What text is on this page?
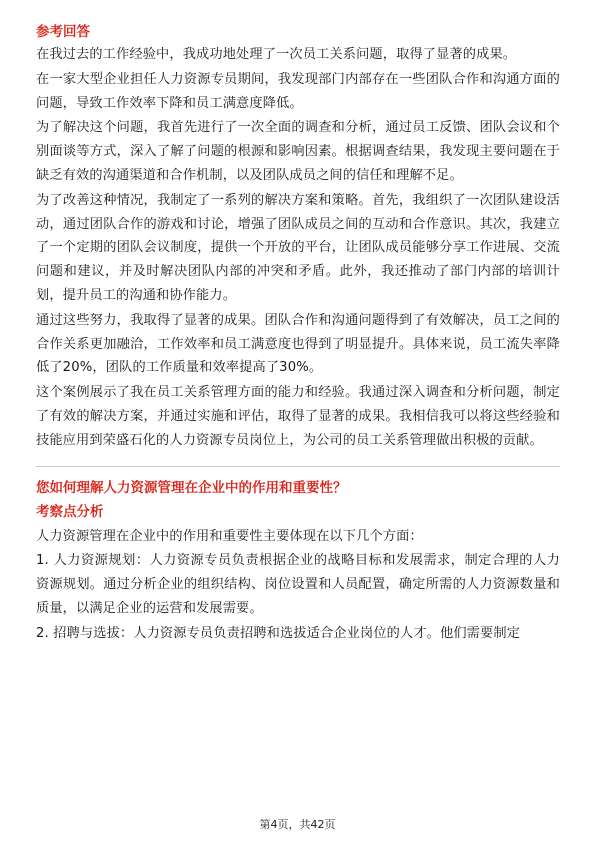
参考回答

在我过去的工作经验中，我成功地处理了一次员工关系问题，取得了显著的成果。

在一家大型企业担任人力资源专员期间，我发现部门内部存在一些团队合作和沟通方面的问题，导致工作效率下降和员工满意度降低。

为了解决这个问题，我首先进行了一次全面的调查和分析，通过员工反馈、团队会议和个别面谈等方式，深入了解了问题的根源和影响因素。根据调查结果，我发现主要问题在于缺乏有效的沟通渠道和合作机制，以及团队成员之间的信任和理解不足。

为了改善这种情况，我制定了一系列的解决方案和策略。首先，我组织了一次团队建设活动，通过团队合作的游戏和讨论，增强了团队成员之间的互动和合作意识。其次，我建立了一个定期的团队会议制度，提供一个开放的平台，让团队成员能够分享工作进展、交流问题和建议，并及时解决团队内部的冲突和矛盾。此外，我还推动了部门内部的培训计划，提升员工的沟通和协作能力。

通过这些努力，我取得了显著的成果。团队合作和沟通问题得到了有效解决，员工之间的合作关系更加融洽，工作效率和员工满意度也得到了明显提升。具体来说，员工流失率降低了20%，团队的工作质量和效率提高了30%。

这个案例展示了我在员工关系管理方面的能力和经验。我通过深入调查和分析问题，制定了有效的解决方案，并通过实施和评估，取得了显著的成果。我相信我可以将这些经验和技能应用到荣盛石化的人力资源专员岗位上，为公司的员工关系管理做出积极的贡献。

您如何理解人力资源管理在企业中的作用和重要性？

考察点分析

人力资源管理在企业中的作用和重要性主要体现在以下几个方面：

1. 人力资源规划：人力资源专员负责根据企业的战略目标和发展需求，制定合理的人力资源规划。通过分析企业的组织结构、岗位设置和人员配置，确定所需的人力资源数量和质量，以满足企业的运营和发展需要。

2. 招聘与选拔：人力资源专员负责招聘和选拔适合企业岗位的人才。他们需要制定

第4页，共42页
